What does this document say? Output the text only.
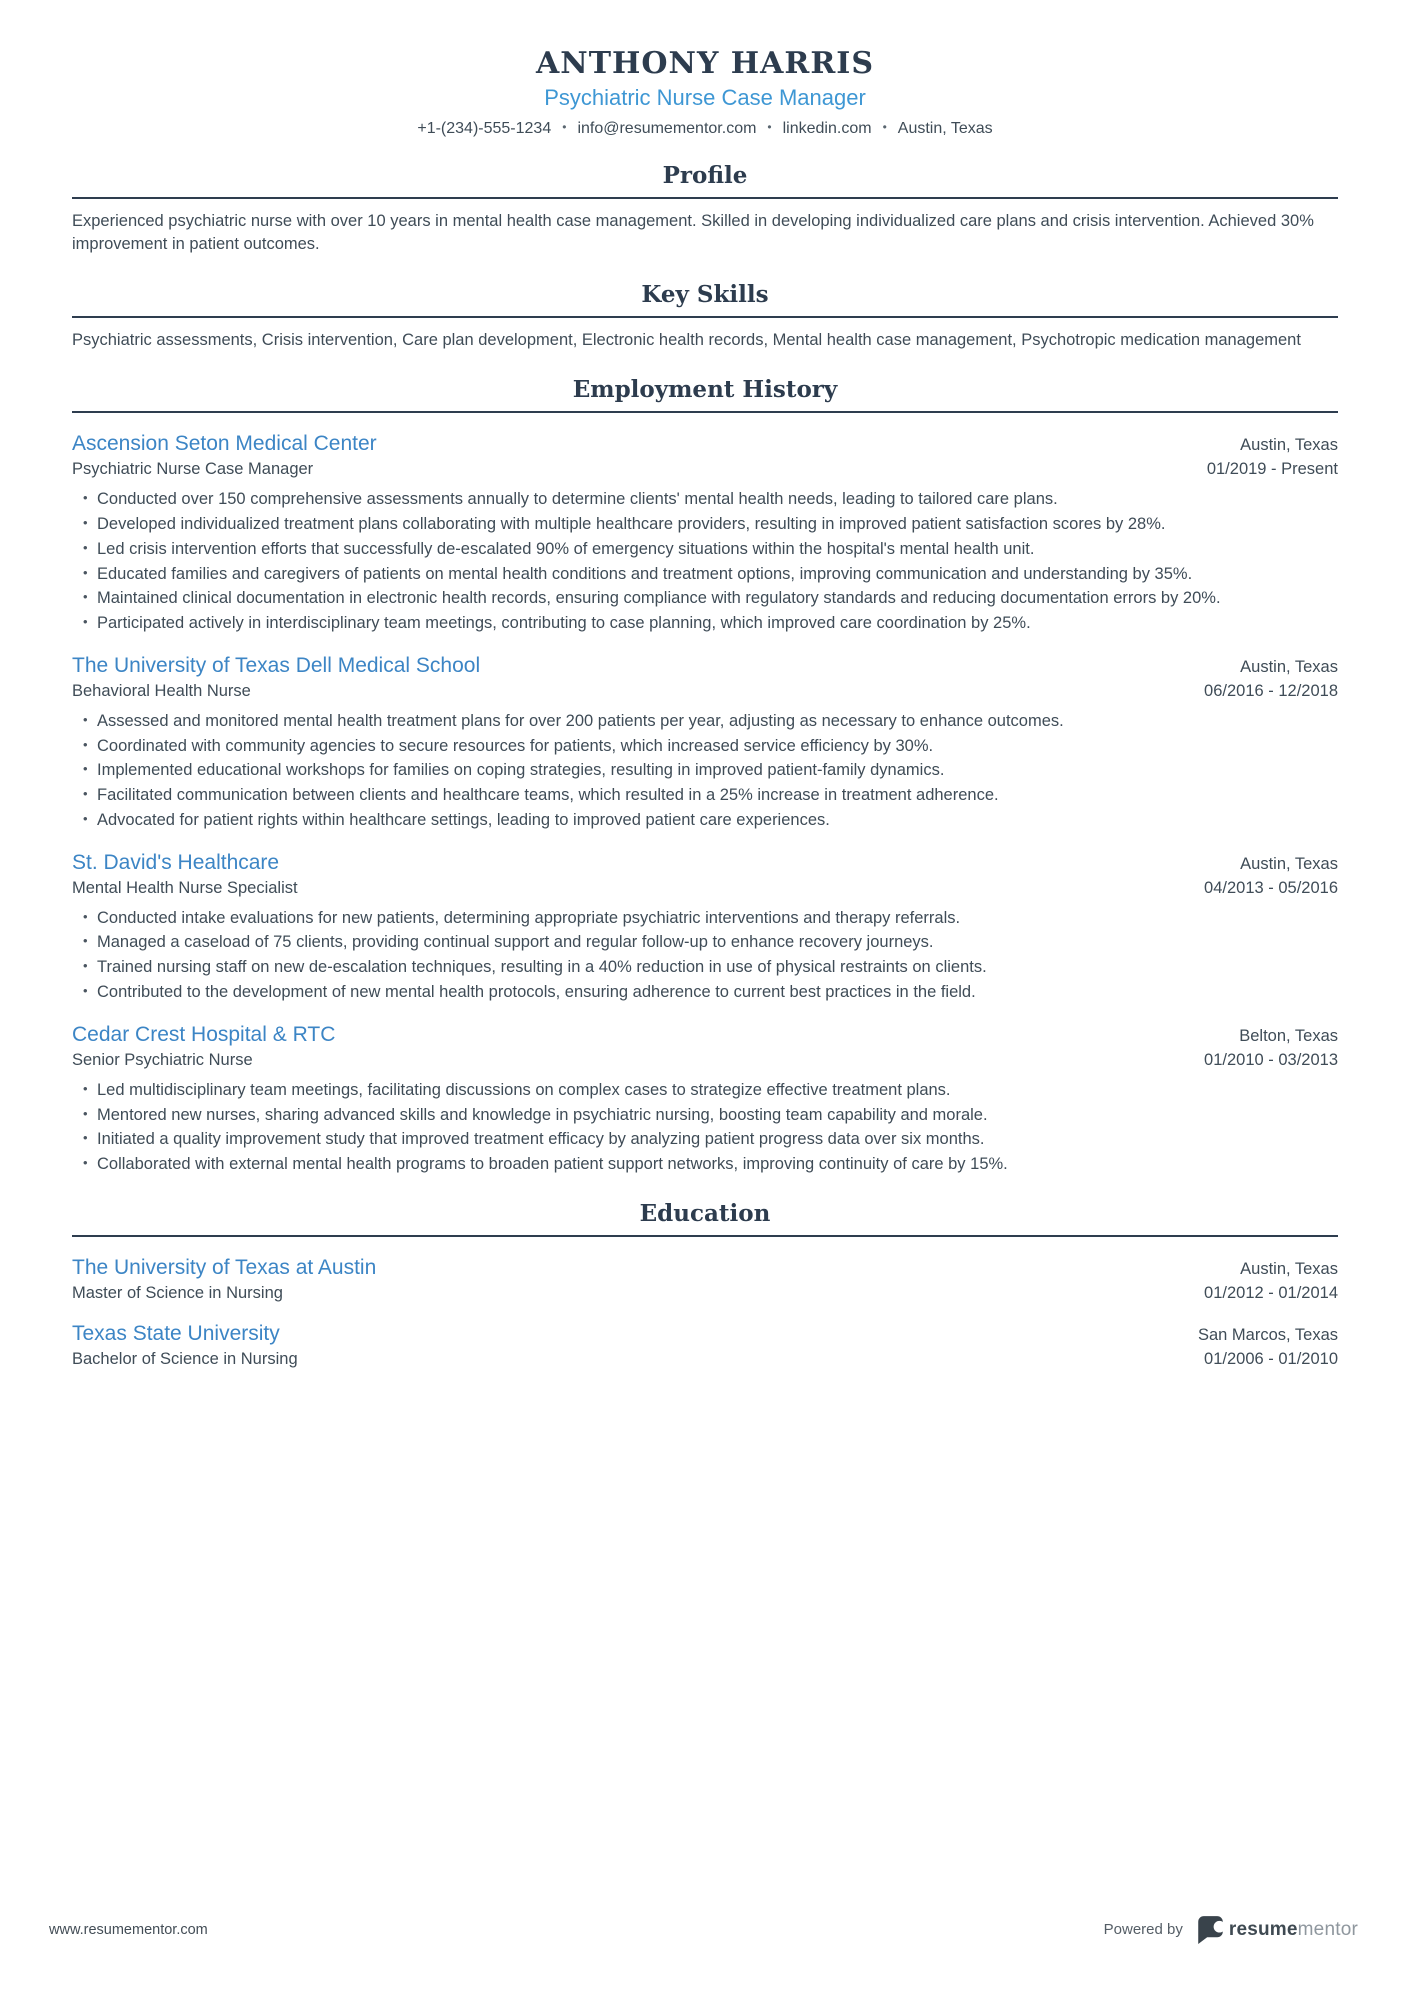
ANTHONY HARRIS
Psychiatric Nurse Case Manager
+1-(234)-555-1234 • info@resumementor.com • linkedin.com • Austin, Texas
Profile

Experienced psychiatric nurse with over 10 years in mental health case management. Skilled in developing individualized care plans and crisis intervention. Achieved 30% improvement in patient outcomes.

Key Skills

Psychiatric assessments, Crisis intervention, Care plan development, Electronic health records, Mental health case management, Psychotropic medication management

Employment History
Ascension Seton Medical Center	Austin, Texas
Psychiatric Nurse Case Manager	01/2019 - Present
• Conducted over 150 comprehensive assessments annually to determine clients' mental health needs, leading to tailored care plans.
• Developed individualized treatment plans collaborating with multiple healthcare providers, resulting in improved patient satisfaction scores by 28%.
• Led crisis intervention efforts that successfully de-escalated 90% of emergency situations within the hospital's mental health unit.
• Educated families and caregivers of patients on mental health conditions and treatment options, improving communication and understanding by 35%.
• Maintained clinical documentation in electronic health records, ensuring compliance with regulatory standards and reducing documentation errors by 20%.
• Participated actively in interdisciplinary team meetings, contributing to case planning, which improved care coordination by 25%.
The University of Texas Dell Medical School	Austin, Texas
Behavioral Health Nurse	06/2016 - 12/2018
• Assessed and monitored mental health treatment plans for over 200 patients per year, adjusting as necessary to enhance outcomes.
• Coordinated with community agencies to secure resources for patients, which increased service efficiency by 30%.
• Implemented educational workshops for families on coping strategies, resulting in improved patient-family dynamics.
• Facilitated communication between clients and healthcare teams, which resulted in a 25% increase in treatment adherence.
• Advocated for patient rights within healthcare settings, leading to improved patient care experiences.
St. David's Healthcare	Austin, Texas
Mental Health Nurse Specialist	04/2013 - 05/2016
• Conducted intake evaluations for new patients, determining appropriate psychiatric interventions and therapy referrals.
• Managed a caseload of 75 clients, providing continual support and regular follow-up to enhance recovery journeys.
• Trained nursing staff on new de-escalation techniques, resulting in a 40% reduction in use of physical restraints on clients.
• Contributed to the development of new mental health protocols, ensuring adherence to current best practices in the field.
Cedar Crest Hospital & RTC	Belton, Texas
Senior Psychiatric Nurse	01/2010 - 03/2013
• Led multidisciplinary team meetings, facilitating discussions on complex cases to strategize effective treatment plans.
• Mentored new nurses, sharing advanced skills and knowledge in psychiatric nursing, boosting team capability and morale.
• Initiated a quality improvement study that improved treatment efficacy by analyzing patient progress data over six months.
• Collaborated with external mental health programs to broaden patient support networks, improving continuity of care by 15%.
Education
The University of Texas at Austin	Austin, Texas
Master of Science in Nursing	01/2012 - 01/2014
Texas State University	San Marcos, Texas
Bachelor of Science in Nursing	01/2006 - 01/2010
www.resumementor.com	Powered by resumementor
